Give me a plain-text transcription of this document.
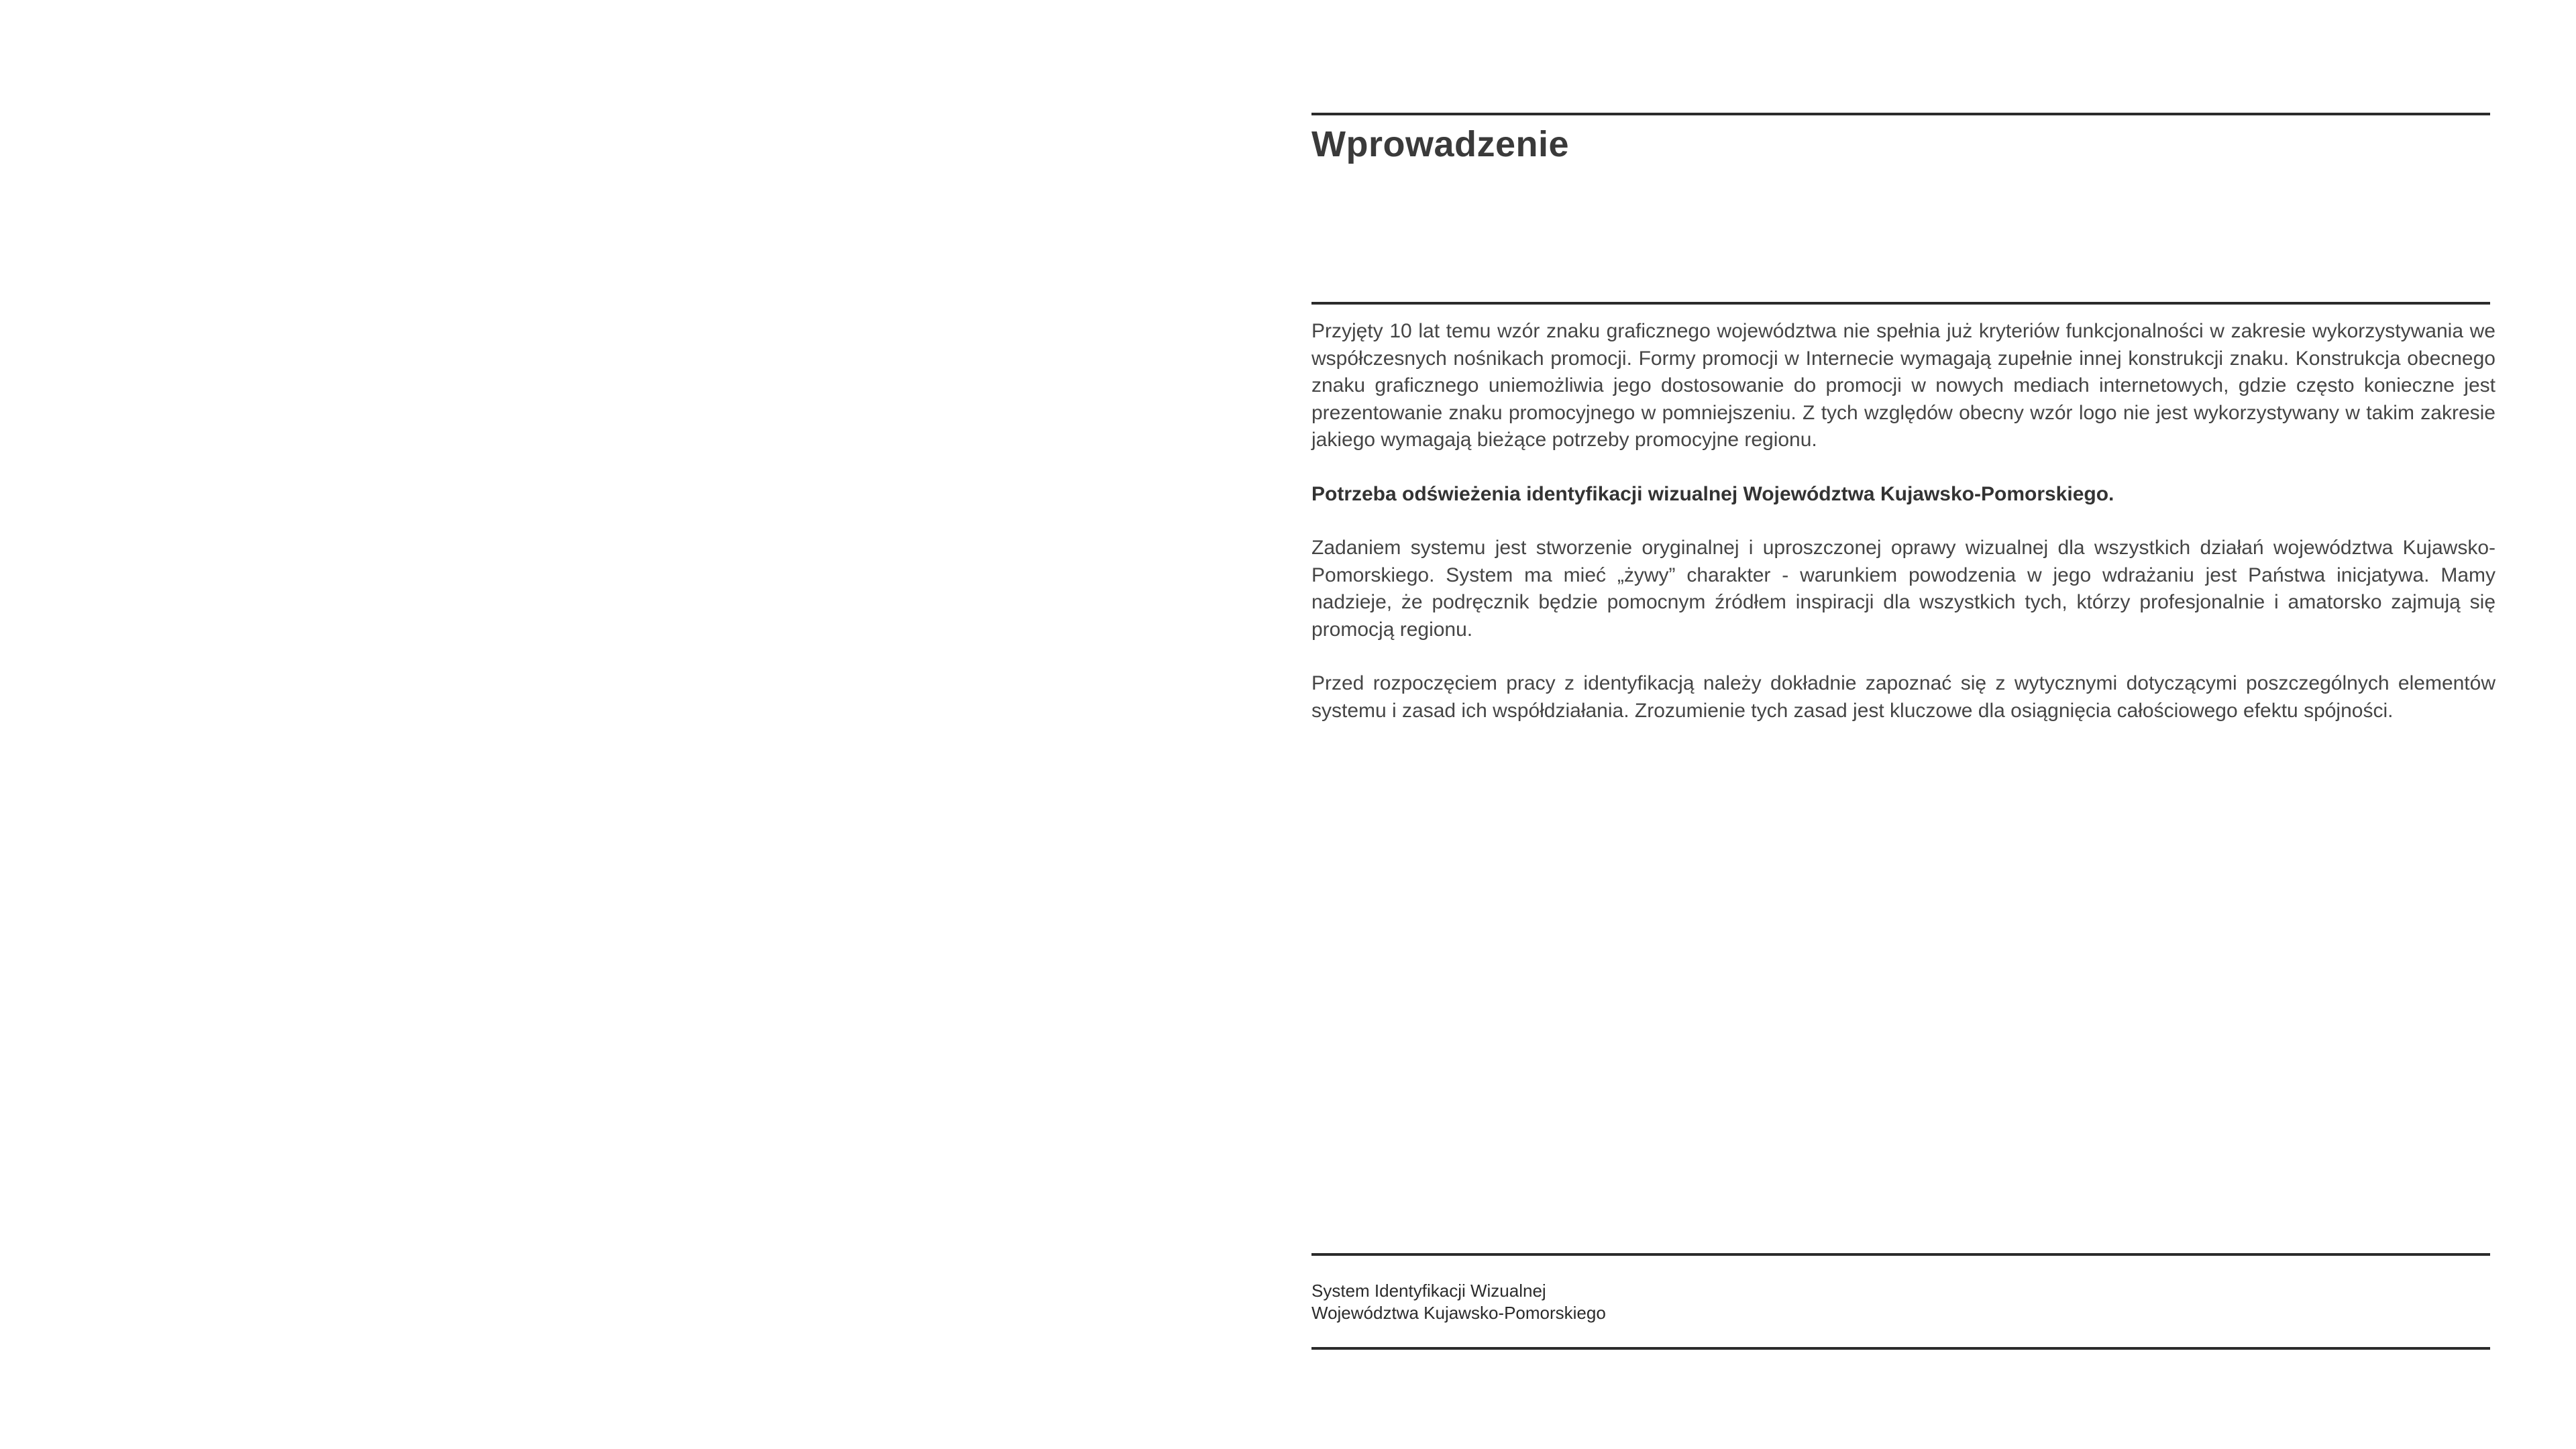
Wprowadzenie

Przyjęty 10 lat temu wzór znaku graficznego województwa nie spełnia już kryteriów funkcjonalności w zakresie wykorzystywania we współczesnych nośnikach promocji. Formy promocji w Internecie wymagają zupełnie innej konstrukcji znaku. Konstrukcja obecnego znaku graficznego uniemożliwia jego dostosowanie do promocji w nowych mediach internetowych, gdzie często konieczne jest prezentowanie znaku promocyjnego w pomniejszeniu. Z tych względów obecny wzór logo nie jest wykorzystywany w takim zakresie jakiego wymagają bieżące potrzeby promocyjne regionu.

Potrzeba odświeżenia identyfikacji wizualnej Województwa Kujawsko-Pomorskiego.

Zadaniem systemu jest stworzenie oryginalnej i uproszczonej oprawy wizualnej dla wszystkich działań województwa Kujawsko-Pomorskiego. System ma mieć „żywy” charakter - warunkiem powodzenia w jego wdrażaniu jest Państwa inicjatywa. Mamy nadzieje, że podręcznik będzie pomocnym źródłem inspiracji dla wszystkich tych, którzy profesjonalnie i amatorsko zajmują się promocją regionu.

Przed rozpoczęciem pracy z identyfikacją należy dokładnie zapoznać się z wytycznymi dotyczącymi poszczególnych elementów systemu i zasad ich współdziałania. Zrozumienie tych zasad jest kluczowe dla osiągnięcia całościowego efektu spójności.

System Identyfikacji Wizualnej
Województwa Kujawsko-Pomorskiego
